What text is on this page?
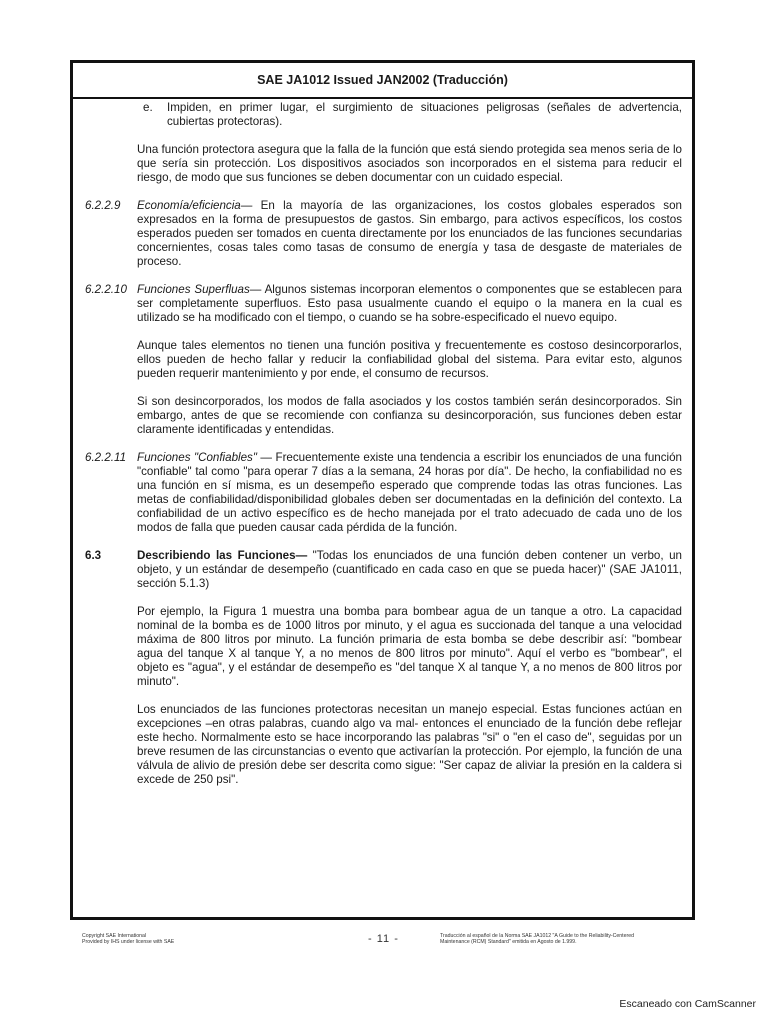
SAE JA1012 Issued JAN2002 (Traducción)
e.	Impiden, en primer lugar, el surgimiento de situaciones peligrosas (señales de advertencia, cubiertas protectoras).

Una función protectora asegura que la falla de la función que está siendo protegida sea menos seria de lo que sería sin protección. Los dispositivos asociados son incorporados en el sistema para reducir el riesgo, de modo que sus funciones se deben documentar con un cuidado especial.

6.2.2.9	Economía/eficiencia— En la mayoría de las organizaciones, los costos globales esperados son expresados en la forma de presupuestos de gastos. Sin embargo, para activos específicos, los costos esperados pueden ser tomados en cuenta directamente por los enunciados de las funciones secundarias concernientes, cosas tales como tasas de consumo de energía y tasa de desgaste de materiales de proceso.
6.2.2.10 Funciones Superfluas— Algunos sistemas incorporan elementos o componentes que se establecen para ser completamente superfluos. Esto pasa usualmente cuando el equipo o la manera en la cual es utilizado se ha modificado con el tiempo, o cuando se ha sobre-especificado el nuevo equipo.

Aunque tales elementos no tienen una función positiva y frecuentemente es costoso desincorporarlos, ellos pueden de hecho fallar y reducir la confiabilidad global del sistema. Para evitar esto, algunos pueden requerir mantenimiento y por ende, el consumo de recursos.

Si son desincorporados, los modos de falla asociados y los costos también serán desincorporados. Sin embargo, antes de que se recomiende con confianza su desincorporación, sus funciones deben estar claramente identificadas y entendidas.

6.2.2.11 Funciones "Confiables" — Frecuentemente existe una tendencia a escribir los enunciados de una función "confiable" tal como "para operar 7 días a la semana, 24 horas por día". De hecho, la confiabilidad no es una función en sí misma, es un desempeño esperado que comprende todas las otras funciones. Las metas de confiabilidad/disponibilidad globales deben ser documentadas en la definición del contexto. La confiabilidad de un activo específico es de hecho manejada por el trato adecuado de cada uno de los modos de falla que pueden causar cada pérdida de la función.
6.3	Describiendo las Funciones— "Todas los enunciados de una función deben contener un verbo, un objeto, y un estándar de desempeño (cuantificado en cada caso en que se pueda hacer)" (SAE JA1011, sección 5.1.3)

Por ejemplo, la Figura 1 muestra una bomba para bombear agua de un tanque a otro. La capacidad nominal de la bomba es de 1000 litros por minuto, y el agua es succionada del tanque a una velocidad máxima de 800 litros por minuto. La función primaria de esta bomba se debe describir así: "bombear agua del tanque X al tanque Y, a no menos de 800 litros por minuto". Aquí el verbo es "bombear", el objeto es "agua", y el estándar de desempeño es "del tanque X al tanque Y, a no menos de 800 litros por minuto".

Los enunciados de las funciones protectoras necesitan un manejo especial. Estas funciones actúan en excepciones –en otras palabras, cuando algo va mal- entonces el enunciado de la función debe reflejar este hecho. Normalmente esto se hace incorporando las palabras "si" o "en el caso de", seguidas por un breve resumen de las circunstancias o evento que activarían la protección. Por ejemplo, la función de una válvula de alivio de presión debe ser descrita como sigue: "Ser capaz de aliviar la presión en la caldera si excede de 250 psi".

Copyright SAE International
Provided by IHS under license with SAE	- 11 -	Traducción al español de la Norma SAE JA1012 "A Guide to the Reliability-Centered
Maintenance (RCM) Standard" emitida en Agosto de 1.999.
Escaneado con CamScanner
